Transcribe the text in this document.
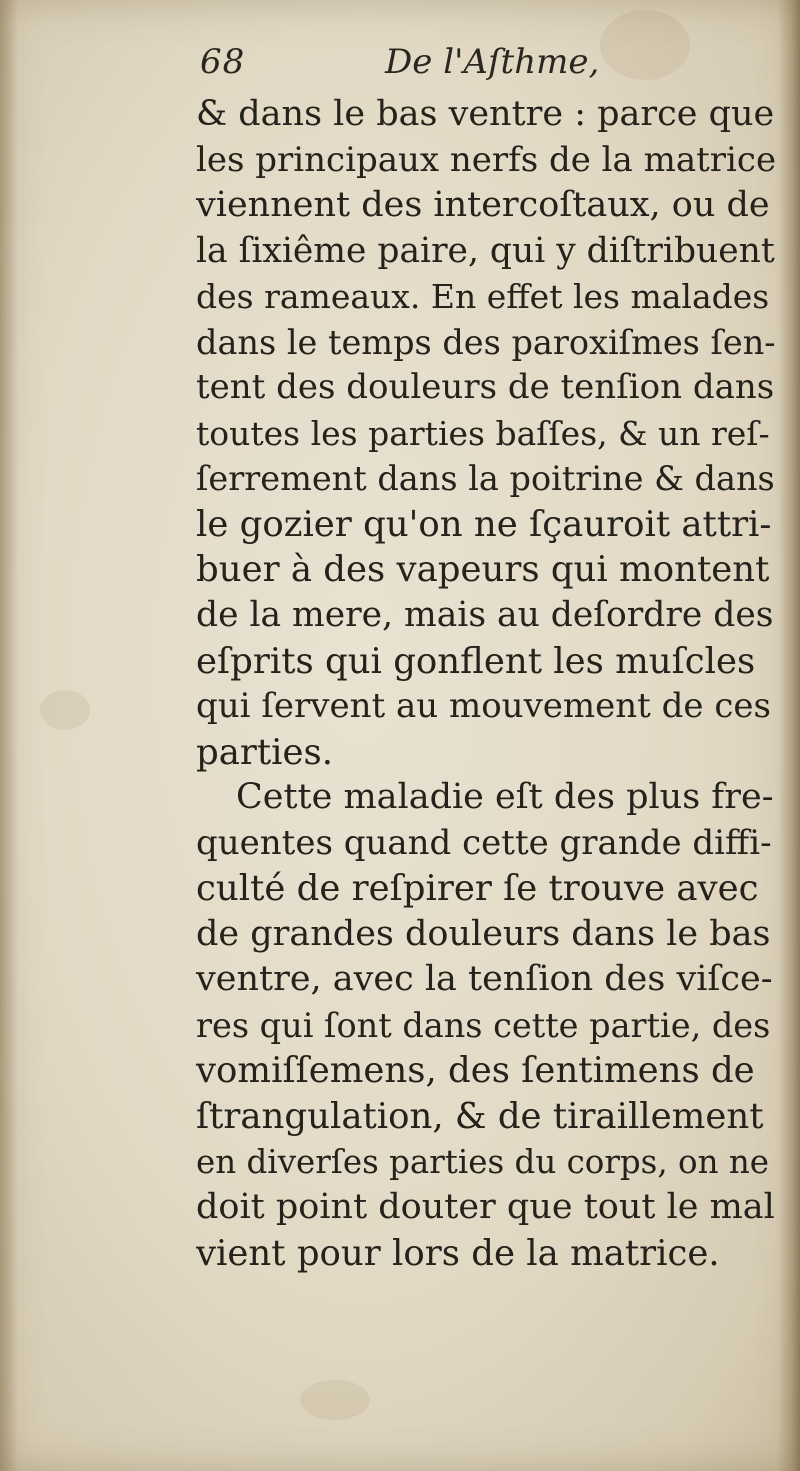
68	De l'Aſthme,
& dans le bas ventre : parce que
les principaux nerfs de la matrice
viennent des intercoſtaux, ou de
la ſixiême paire, qui y diſtribuent
des rameaux. En effet les malades
dans le temps des paroxiſmes ſen-
tent des douleurs de tenſion dans
toutes les parties baſſes, & un reſ-
ſerrement dans la poitrine & dans
le gozier qu'on ne ſçauroit attri-
buer à des vapeurs qui montent
de la mere, mais au deſordre des
eſprits qui gonflent les muſcles
qui ſervent au mouvement de ces
parties.
Cette maladie eſt des plus fre-
quentes quand cette grande diffi-
culté de reſpirer ſe trouve avec
de grandes douleurs dans le bas
ventre, avec la tenſion des viſce-
res qui ſont dans cette partie, des
vomiſſemens, des ſentimens de
ſtrangulation, & de tiraillement
en diverſes parties du corps, on ne
doit point douter que tout le mal
vient pour lors de la matrice.
